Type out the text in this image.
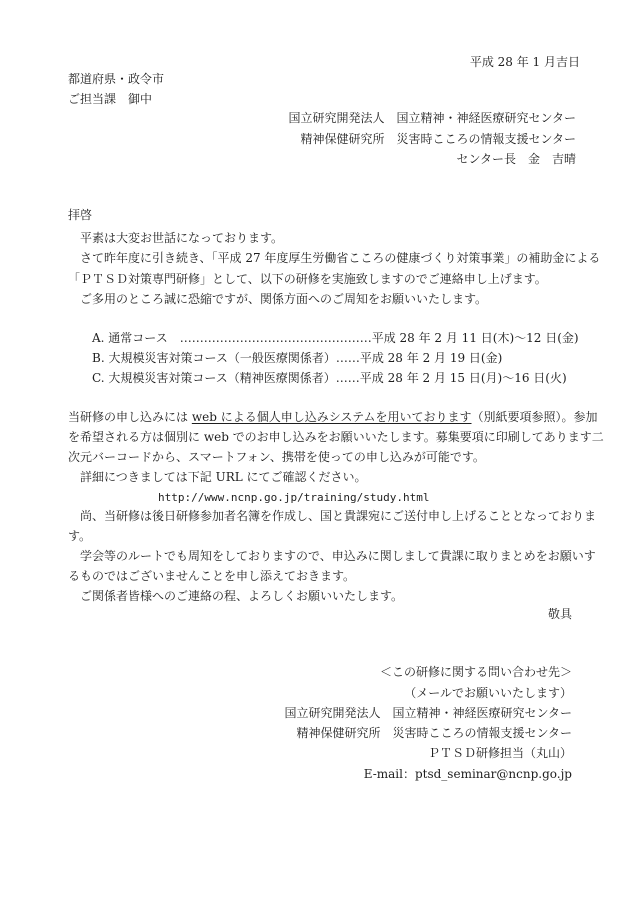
平成 28 年 1 月吉日
都道府県・政令市
ご担当課　御中
国立研究開発法人　国立精神・神経医療研究センター
精神保健研究所　災害時こころの情報支援センター
センター長　金　吉晴
拝啓
平素は大変お世話になっております。
さて昨年度に引き続き、「平成 27 年度厚生労働省こころの健康づくり対策事業」の補助金による
「ＰＴＳＤ対策専門研修」として、以下の研修を実施致しますのでご連絡申し上げます。
ご多用のところ誠に恐縮ですが、関係方面へのご周知をお願いいたします。
A. 通常コース　…………………………………………平成 28 年 2 月 11 日(木)〜12 日(金)
B. 大規模災害対策コース（一般医療関係者）……平成 28 年 2 月 19 日(金)
C. 大規模災害対策コース（精神医療関係者）……平成 28 年 2 月 15 日(月)〜16 日(火)
当研修の申し込みには web による個人申し込みシステムを用いております（別紙要項参照）。参加
を希望される方は個別に web でのお申し込みをお願いいたします。募集要項に印刷してあります二
次元バーコードから、スマートフォン、携帯を使っての申し込みが可能です。
詳細につきましては下記 URL にてご確認ください。
http://www.ncnp.go.jp/training/study.html
尚、当研修は後日研修参加者名簿を作成し、国と貴課宛にご送付申し上げることとなっておりま
す。
学会等のルートでも周知をしておりますので、申込みに関しまして貴課に取りまとめをお願いす
るものではございませんことを申し添えておきます。
ご関係者皆様へのご連絡の程、よろしくお願いいたします。
敬具
＜この研修に関する問い合わせ先＞
（メールでお願いいたします）
国立研究開発法人　国立精神・神経医療研究センター
精神保健研究所　災害時こころの情報支援センター
ＰＴＳＤ研修担当（丸山）
E-mail：ptsd_seminar@ncnp.go.jp
